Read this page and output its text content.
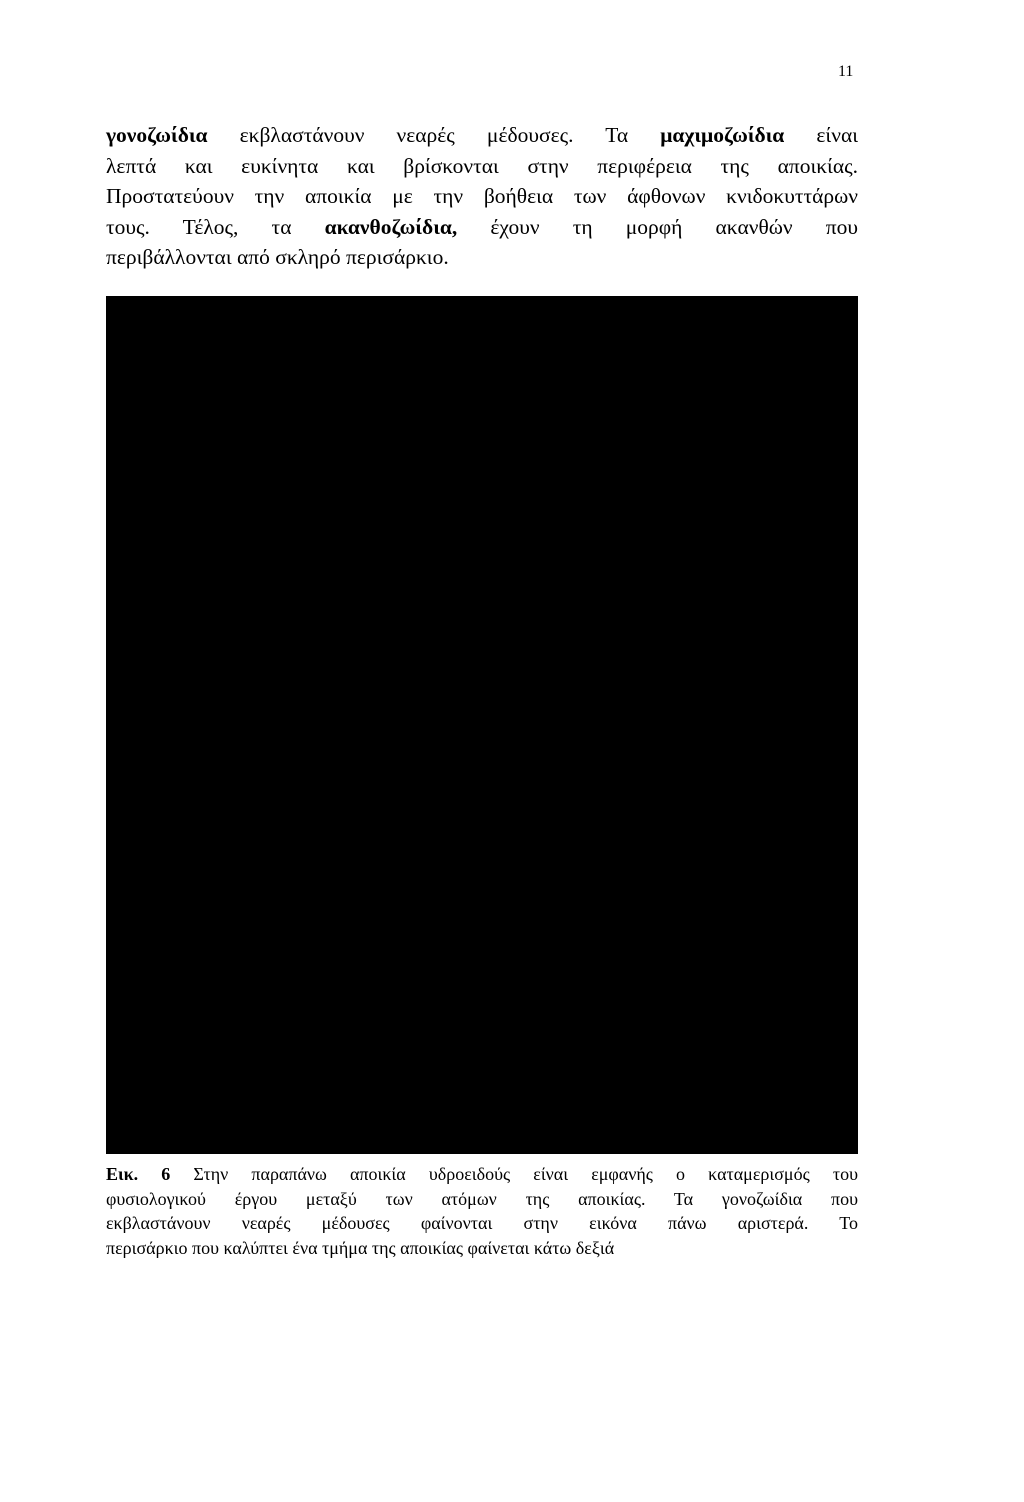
11
γονοζωίδια εκβλαστάνουν νεαρές μέδουσες. Τα μαχιμοζωίδια είναι
λεπτά και ευκίνητα και βρίσκονται στην περιφέρεια της αποικίας.
Προστατεύουν την αποικία με την βοήθεια των άφθονων κνιδοκυττάρων
τους. Τέλος, τα ακανθοζωίδια, έχουν τη μορφή ακανθών που
περιβάλλονται από σκληρό περισάρκιο.
Εικ. 6 Στην παραπάνω αποικία υδροειδούς είναι εμφανής ο καταμερισμός του
φυσιολογικού έργου μεταξύ των ατόμων της αποικίας. Τα γονοζωίδια που
εκβλαστάνουν νεαρές μέδουσες φαίνονται στην εικόνα πάνω αριστερά. Το
περισάρκιο που καλύπτει ένα τμήμα της αποικίας φαίνεται κάτω δεξιά
